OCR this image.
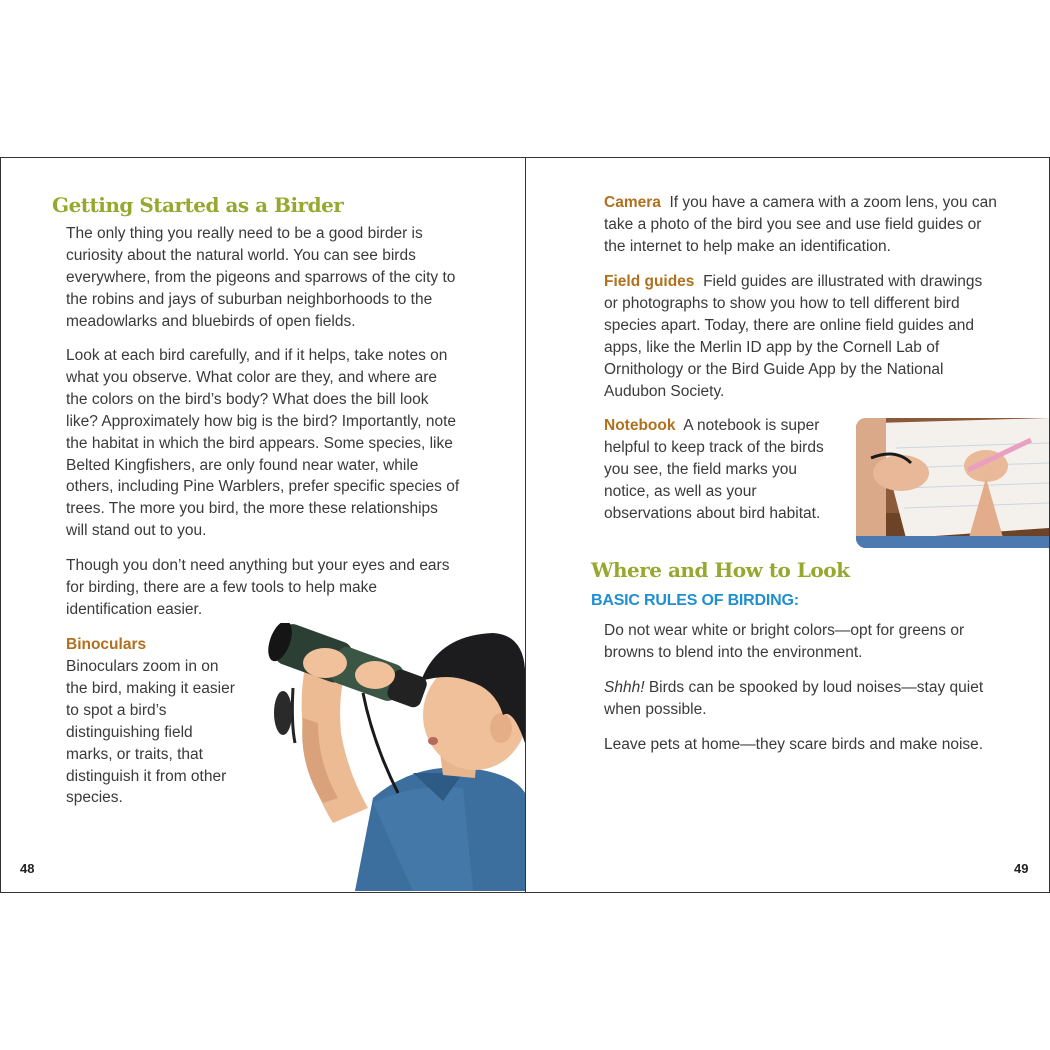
Getting Started as a Birder

The only thing you really need to be a good birder is curiosity about the natural world. You can see birds everywhere, from the pigeons and sparrows of the city to the robins and jays of suburban neighborhoods to the meadowlarks and bluebirds of open fields.

Look at each bird carefully, and if it helps, take notes on what you observe. What color are they, and where are the colors on the bird’s body? What does the bill look like? Approximately how big is the bird? Importantly, note the habitat in which the bird appears. Some species, like Belted Kingfishers, are only found near water, while others, including Pine Warblers, prefer specific species of trees. The more you bird, the more these relationships will stand out to you.

Though you don’t need anything but your eyes and ears for birding, there are a few tools to help make identification easier.

Binoculars

Binoculars zoom in on the bird, making it easier to spot a bird’s distinguishing field marks, or traits, that distinguish it from other species.

48

Camera If you have a camera with a zoom lens, you can take a photo of the bird you see and use field guides or the internet to help make an identification.

Field guides Field guides are illustrated with drawings or photographs to show you how to tell different bird species apart. Today, there are online field guides and apps, like the Merlin ID app by the Cornell Lab of Ornithology or the Bird Guide App by the National Audubon Society.

Notebook A notebook is super helpful to keep track of the birds you see, the field marks you notice, as well as your observations about bird habitat.

Where and How to Look
BASIC RULES OF BIRDING:

Do not wear white or bright colors—opt for greens or browns to blend into the environment.

Shhh! Birds can be spooked by loud noises—stay quiet when possible.

Leave pets at home—they scare birds and make noise.

49
